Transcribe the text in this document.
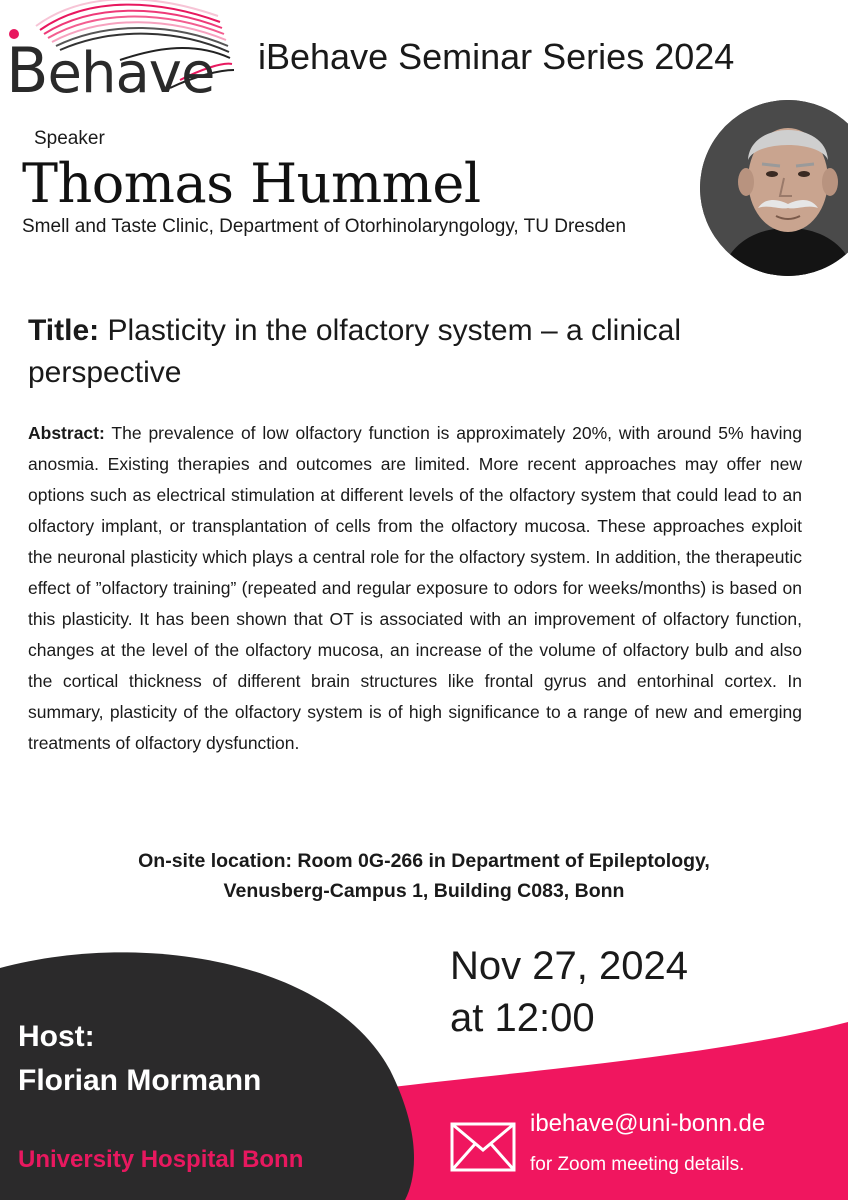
Behave iBehave Seminar Series 2024
Speaker
Thomas Hummel
Smell and Taste Clinic, Department of Otorhinolaryngology, TU Dresden
Title: Plasticity in the olfactory system – a clinical perspective
Abstract: The prevalence of low olfactory function is approximately 20%, with around 5% having anosmia. Existing therapies and outcomes are limited. More recent approaches may offer new options such as electrical stimulation at different levels of the olfactory system that could lead to an olfactory implant, or transplantation of cells from the olfactory mucosa. These approaches exploit the neuronal plasticity which plays a central role for the olfactory system. In addition, the therapeutic effect of ”olfactory training” (repeated and regular exposure to odors for weeks/months) is based on this plasticity. It has been shown that OT is associated with an improvement of olfactory function, changes at the level of the olfactory mucosa, an increase of the volume of olfactory bulb and also the cortical thickness of different brain structures like frontal gyrus and entorhinal cortex. In summary, plasticity of the olfactory system is of high significance to a range of new and emerging treatments of olfactory dysfunction.
On-site location: Room 0G-266 in Department of Epileptology,
Venusberg-Campus 1, Building C083, Bonn
Nov 27, 2024
at 12:00
Host:
Florian Mormann
University Hospital Bonn
ibehave@uni-bonn.de
for Zoom meeting details.
